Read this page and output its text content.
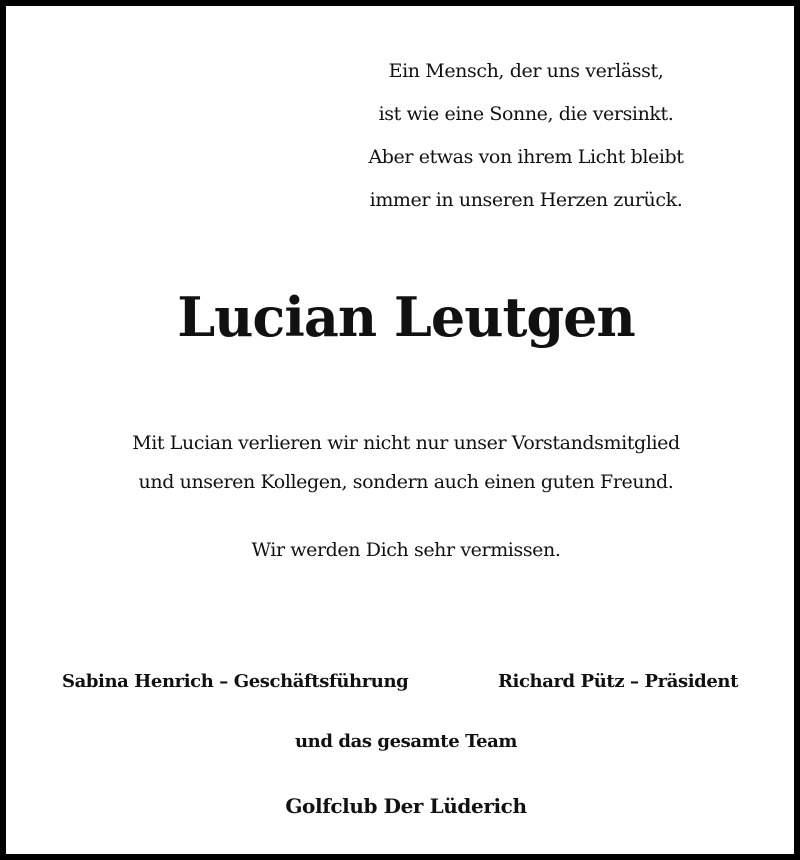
Ein Mensch, der uns verlässt,
ist wie eine Sonne, die versinkt.
Aber etwas von ihrem Licht bleibt
immer in unseren Herzen zurück.
Lucian Leutgen
Mit Lucian verlieren wir nicht nur unser Vorstandsmitglied
und unseren Kollegen, sondern auch einen guten Freund.
Wir werden Dich sehr vermissen.
Sabina Henrich – Geschäftsführung	Richard Pütz – Präsident
und das gesamte Team
Golfclub Der Lüderich
